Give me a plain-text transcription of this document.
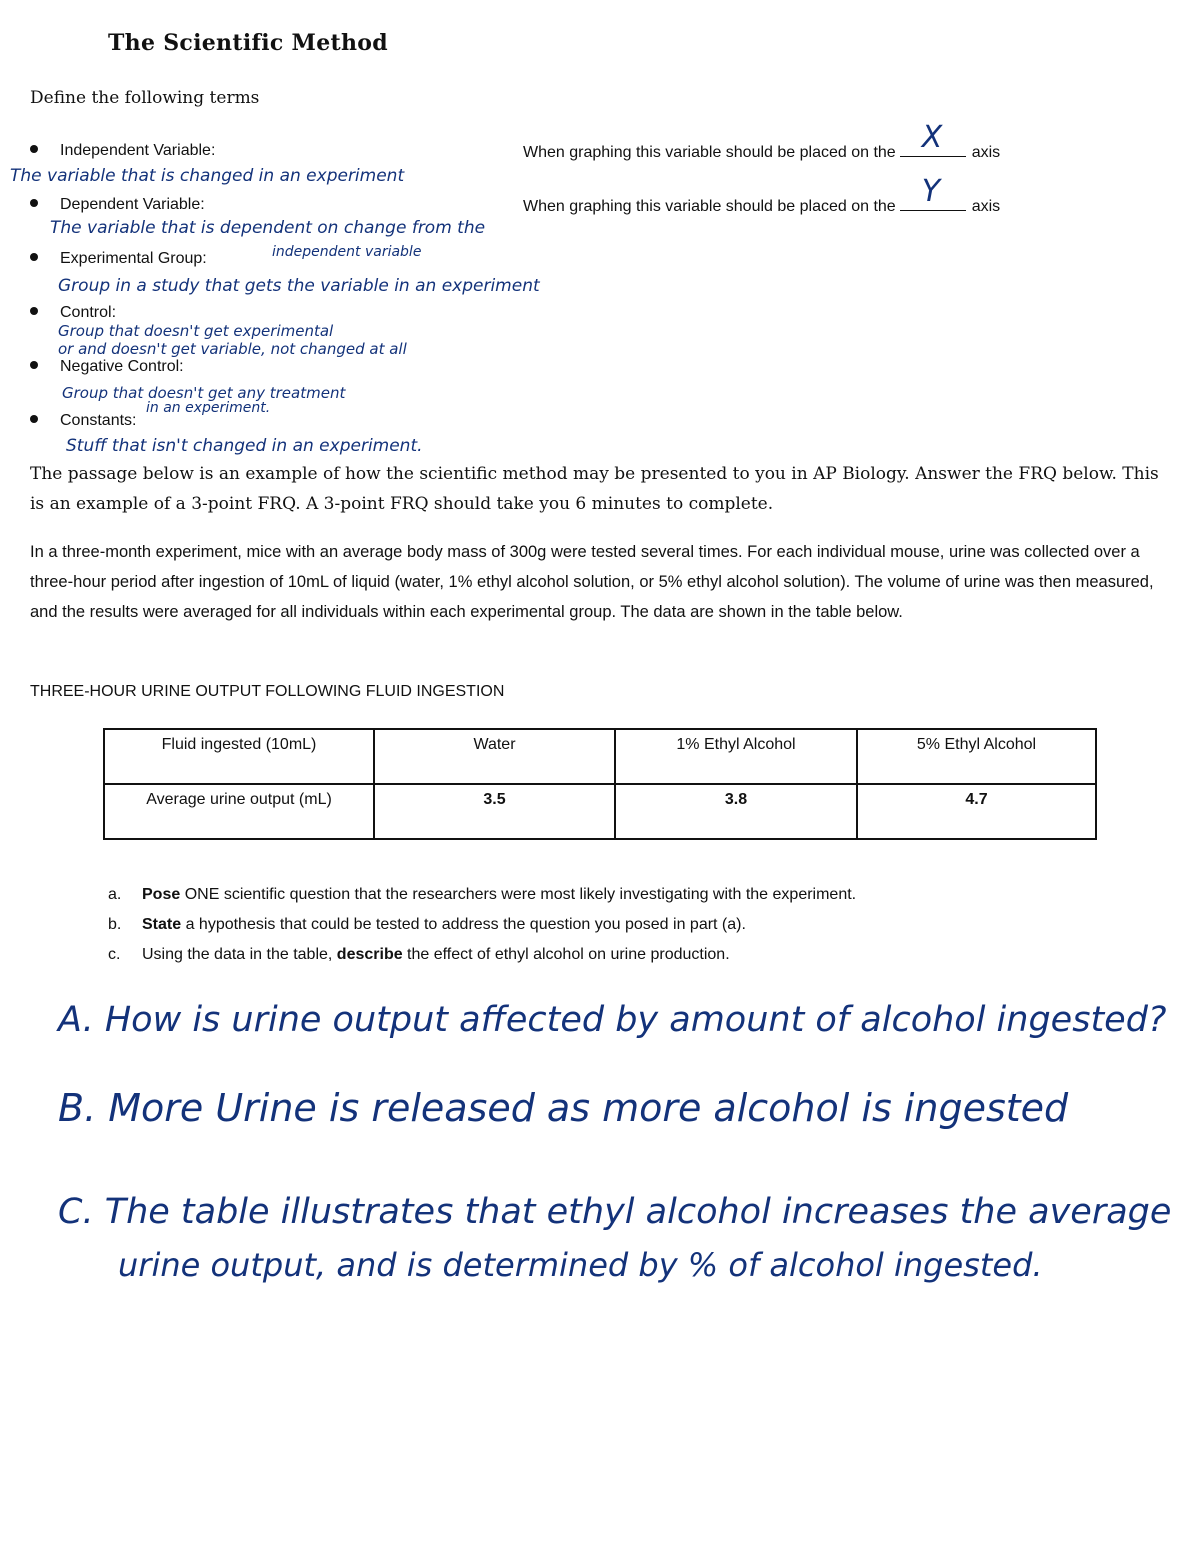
The Scientific Method
Define the following terms
Independent Variable:
The variable that is changed in an experiment
Dependent Variable:
The variable that is dependent on change from the
independent variable
Experimental Group:
Group in a study that gets the variable in an experiment
Control:
Group that doesn't get experimental
or and doesn't get variable, not changed at all
Negative Control:
Group that doesn't get any treatment
in an experiment.
Constants:
Stuff that isn't changed in an experiment.
When graphing this variable should be placed on the X axis
When graphing this variable should be placed on the Y axis
The passage below is an example of how the scientific method may be presented to you in AP Biology. Answer the FRQ below. This is an example of a 3-point FRQ. A 3-point FRQ should take you 6 minutes to complete.
In a three-month experiment, mice with an average body mass of 300g were tested several times. For each individual mouse, urine was collected over a three-hour period after ingestion of 10mL of liquid (water, 1% ethyl alcohol solution, or 5% ethyl alcohol solution). The volume of urine was then measured, and the results were averaged for all individuals within each experimental group. The data are shown in the table below.
THREE-HOUR URINE OUTPUT FOLLOWING FLUID INGESTION
Fluid ingested (10mL)	Water	1% Ethyl Alcohol	5% Ethyl Alcohol
Average urine output (mL)	3.5	3.8	4.7
a. Pose ONE scientific question that the researchers were most likely investigating with the experiment.
b. State a hypothesis that could be tested to address the question you posed in part (a).
c. Using the data in the table, describe the effect of ethyl alcohol on urine production.
A. How is urine output affected by amount of alcohol ingested?
B. More Urine is released as more alcohol is ingested
C. The table illustrates that ethyl alcohol increases the average
urine output, and is determined by % of alcohol ingested.
